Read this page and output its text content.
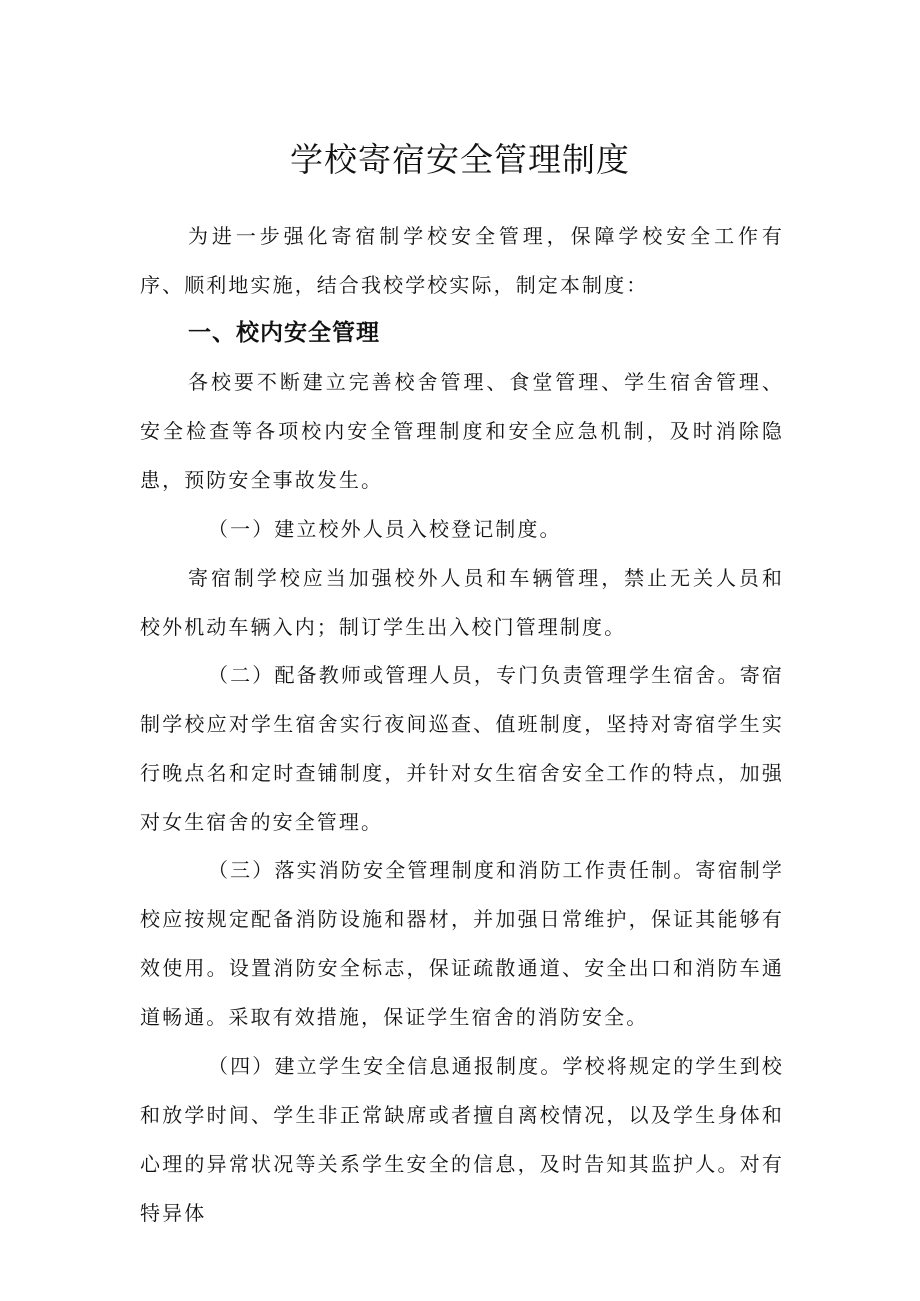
学校寄宿安全管理制度

为进一步强化寄宿制学校安全管理，保障学校安全工作有序、顺利地实施，结合我校学校实际，制定本制度：

一、校内安全管理

各校要不断建立完善校舍管理、食堂管理、学生宿舍管理、安全检查等各项校内安全管理制度和安全应急机制，及时消除隐患，预防安全事故发生。

（一）建立校外人员入校登记制度。

寄宿制学校应当加强校外人员和车辆管理，禁止无关人员和校外机动车辆入内；制订学生出入校门管理制度。

（二）配备教师或管理人员，专门负责管理学生宿舍。寄宿制学校应对学生宿舍实行夜间巡查、值班制度，坚持对寄宿学生实行晚点名和定时查铺制度，并针对女生宿舍安全工作的特点，加强对女生宿舍的安全管理。

（三）落实消防安全管理制度和消防工作责任制。寄宿制学校应按规定配备消防设施和器材，并加强日常维护，保证其能够有效使用。设置消防安全标志，保证疏散通道、安全出口和消防车通道畅通。采取有效措施，保证学生宿舍的消防安全。

（四）建立学生安全信息通报制度。学校将规定的学生到校和放学时间、学生非正常缺席或者擅自离校情况，以及学生身体和心理的异常状况等关系学生安全的信息，及时告知其监护人。对有特异体
